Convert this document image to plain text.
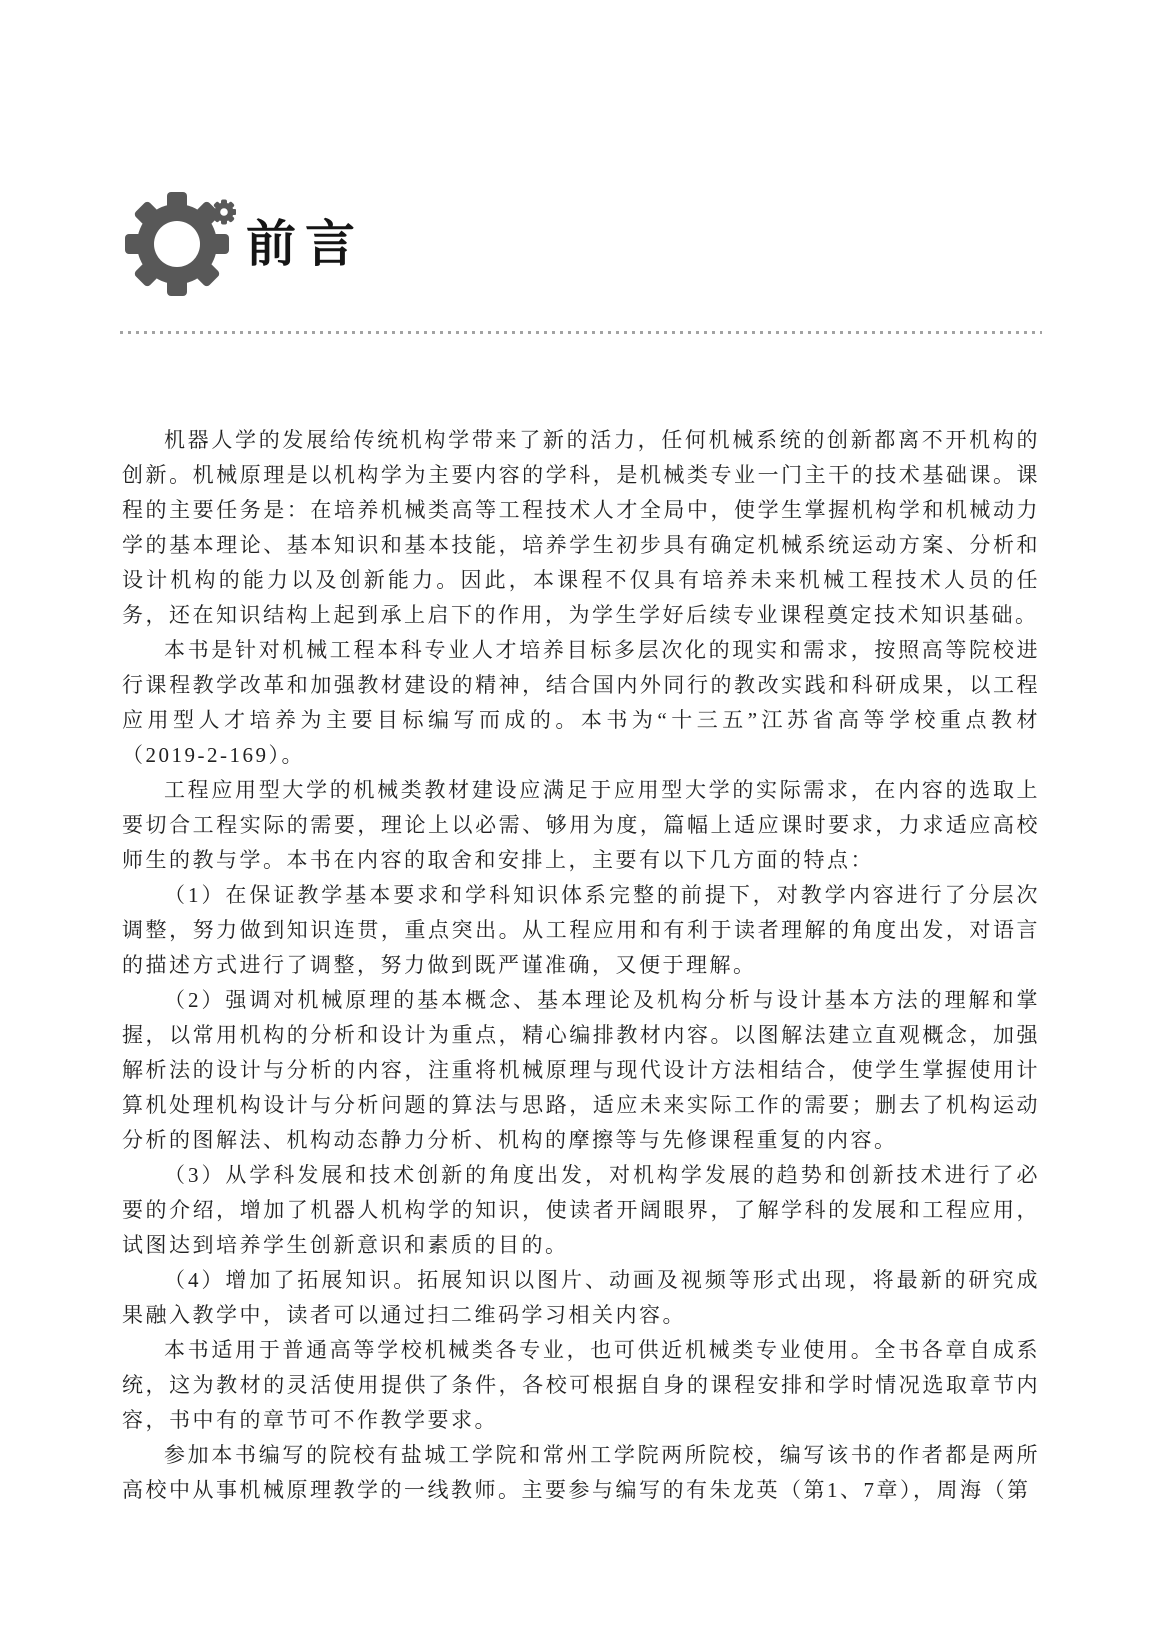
前言

机器人学的发展给传统机构学带来了新的活力，任何机械系统的创新都离不开机构的创新。机械原理是以机构学为主要内容的学科，是机械类专业一门主干的技术基础课。课程的主要任务是：在培养机械类高等工程技术人才全局中，使学生掌握机构学和机械动力学的基本理论、基本知识和基本技能，培养学生初步具有确定机械系统运动方案、分析和设计机构的能力以及创新能力。因此，本课程不仅具有培养未来机械工程技术人员的任务，还在知识结构上起到承上启下的作用，为学生学好后续专业课程奠定技术知识基础。

本书是针对机械工程本科专业人才培养目标多层次化的现实和需求，按照高等院校进行课程教学改革和加强教材建设的精神，结合国内外同行的教改实践和科研成果，以工程应用型人才培养为主要目标编写而成的。本书为“十三五”江苏省高等学校重点教材（2019-2-169）。

工程应用型大学的机械类教材建设应满足于应用型大学的实际需求，在内容的选取上要切合工程实际的需要，理论上以必需、够用为度，篇幅上适应课时要求，力求适应高校师生的教与学。本书在内容的取舍和安排上，主要有以下几方面的特点：

（1）在保证教学基本要求和学科知识体系完整的前提下，对教学内容进行了分层次调整，努力做到知识连贯，重点突出。从工程应用和有利于读者理解的角度出发，对语言的描述方式进行了调整，努力做到既严谨准确，又便于理解。

（2）强调对机械原理的基本概念、基本理论及机构分析与设计基本方法的理解和掌握，以常用机构的分析和设计为重点，精心编排教材内容。以图解法建立直观概念，加强解析法的设计与分析的内容，注重将机械原理与现代设计方法相结合，使学生掌握使用计算机处理机构设计与分析问题的算法与思路，适应未来实际工作的需要；删去了机构运动分析的图解法、机构动态静力分析、机构的摩擦等与先修课程重复的内容。

（3）从学科发展和技术创新的角度出发，对机构学发展的趋势和创新技术进行了必要的介绍，增加了机器人机构学的知识，使读者开阔眼界，了解学科的发展和工程应用，试图达到培养学生创新意识和素质的目的。

（4）增加了拓展知识。拓展知识以图片、动画及视频等形式出现，将最新的研究成果融入教学中，读者可以通过扫二维码学习相关内容。

本书适用于普通高等学校机械类各专业，也可供近机械类专业使用。全书各章自成系统，这为教材的灵活使用提供了条件，各校可根据自身的课程安排和学时情况选取章节内容，书中有的章节可不作教学要求。

参加本书编写的院校有盐城工学院和常州工学院两所院校，编写该书的作者都是两所高校中从事机械原理教学的一线教师。主要参与编写的有朱龙英（第1、7章），周海（第
